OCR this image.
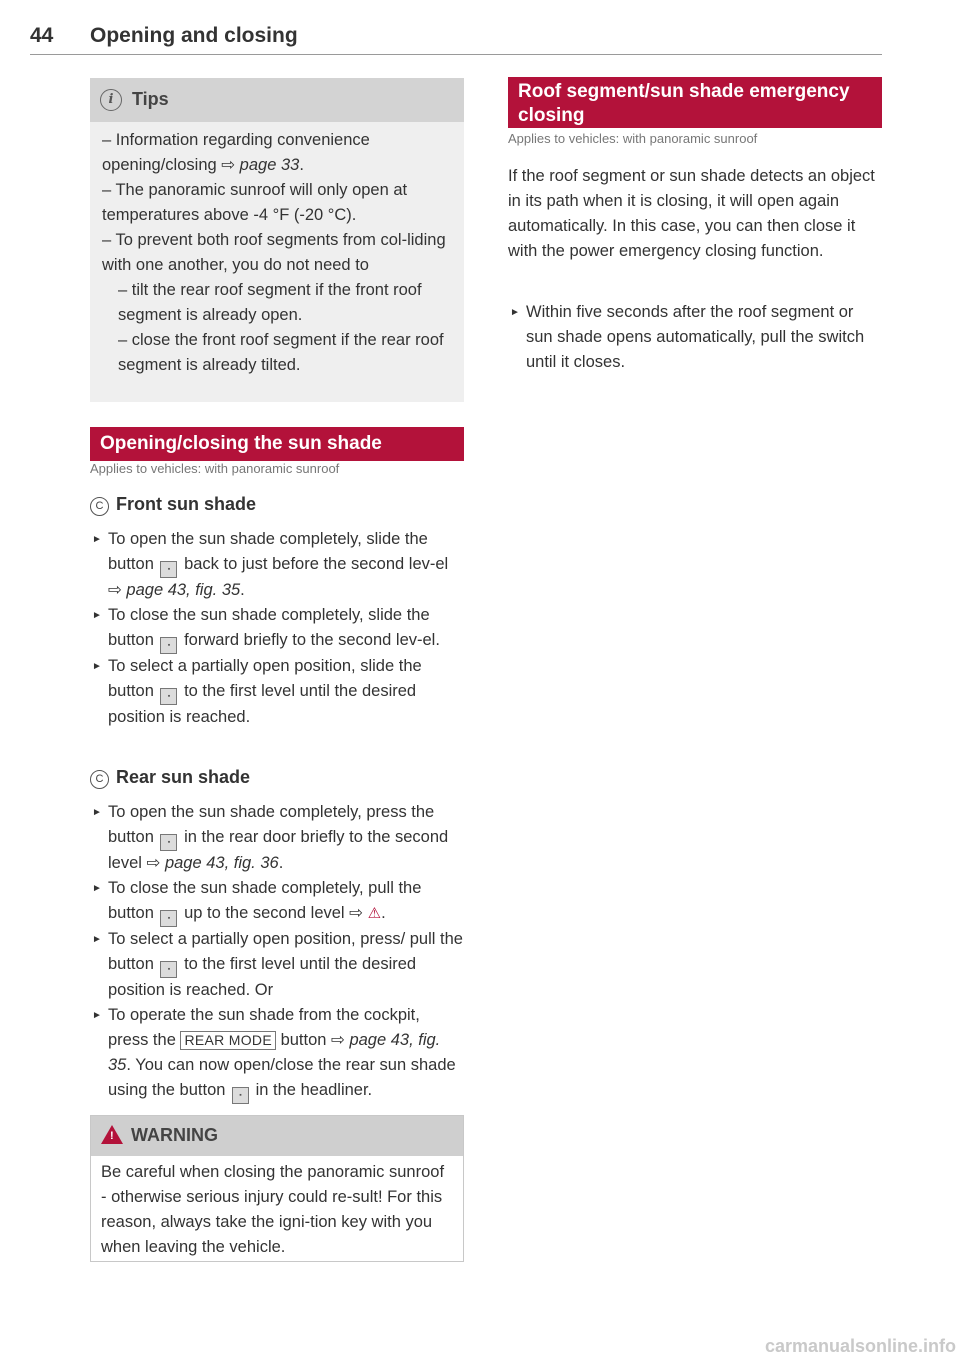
44 Opening and closing
i	Tips
– Information regarding convenience opening/closing ⇨ page 33.
– The panoramic sunroof will only open at temperatures above -4 °F (-20 °C).
– To prevent both roof segments from col-liding with one another, you do not need to
– tilt the rear roof segment if the front roof segment is already open.
– close the front roof segment if the rear roof segment is already tilted.
Opening/closing the sun shade
Applies to vehicles: with panoramic sunroof
C Front sun shade
► To open the sun shade completely, slide the button ▪ back to just before the second lev-el ⇨ page 43, fig. 35.
► To close the sun shade completely, slide the button ▪ forward briefly to the second lev-el.
► To select a partially open position, slide the button ▪ to the first level until the desired position is reached.
C Rear sun shade
► To open the sun shade completely, press the button ▪ in the rear door briefly to the second level ⇨ page 43, fig. 36.
► To close the sun shade completely, pull the button ▪ up to the second level ⇨ ⚠.
► To select a partially open position, press/ pull the button ▪ to the first level until the desired position is reached. Or
► To operate the sun shade from the cockpit, press the REAR MODE button ⇨ page 43, fig. 35. You can now open/close the rear sun shade using the button ▪ in the headliner.
! WARNING
Be careful when closing the panoramic sunroof - otherwise serious injury could re-sult! For this reason, always take the igni-tion key with you when leaving the vehicle.
Roof segment/sun shade emergency closing
Applies to vehicles: with panoramic sunroof
If the roof segment or sun shade detects an object in its path when it is closing, it will open again automatically. In this case, you can then close it with the power emergency closing function.
► Within five seconds after the roof segment or sun shade opens automatically, pull the switch until it closes.
carmanualsonline.info
